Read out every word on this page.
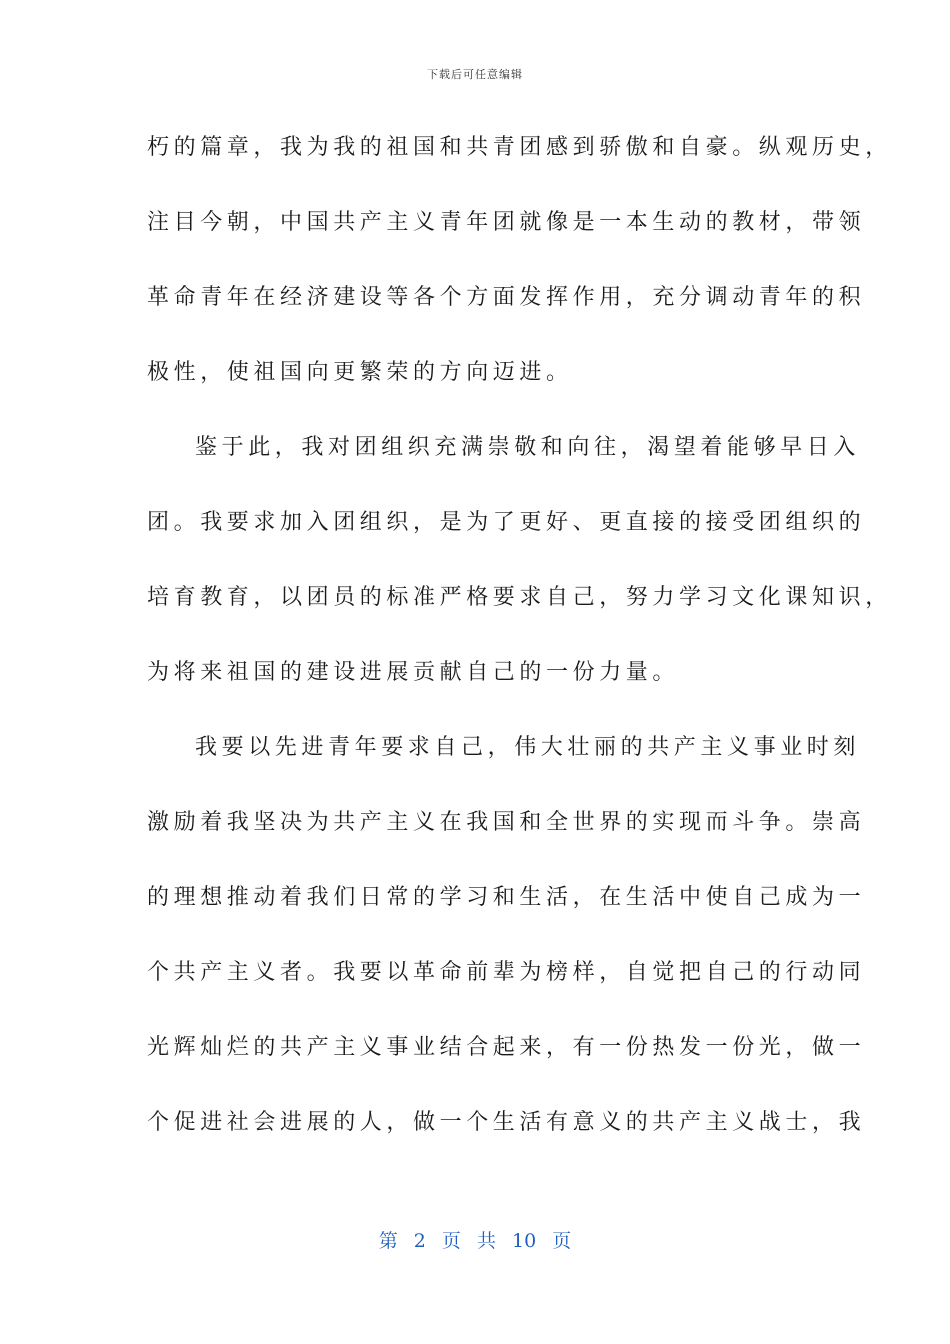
下载后可任意编辑
朽的篇章，我为我的祖国和共青团感到骄傲和自豪。纵观历史，
注目今朝，中国共产主义青年团就像是一本生动的教材，带领
革命青年在经济建设等各个方面发挥作用，充分调动青年的积
极性，使祖国向更繁荣的方向迈进。
鉴于此，我对团组织充满崇敬和向往，渴望着能够早日入
团。我要求加入团组织，是为了更好、更直接的接受团组织的
培育教育，以团员的标准严格要求自己，努力学习文化课知识，
为将来祖国的建设进展贡献自己的一份力量。
我要以先进青年要求自己，伟大壮丽的共产主义事业时刻
激励着我坚决为共产主义在我国和全世界的实现而斗争。崇高
的理想推动着我们日常的学习和生活，在生活中使自己成为一
个共产主义者。我要以革命前辈为榜样，自觉把自己的行动同
光辉灿烂的共产主义事业结合起来，有一份热发一份光，做一
个促进社会进展的人，做一个生活有意义的共产主义战士，我
第 2 页 共 10 页
